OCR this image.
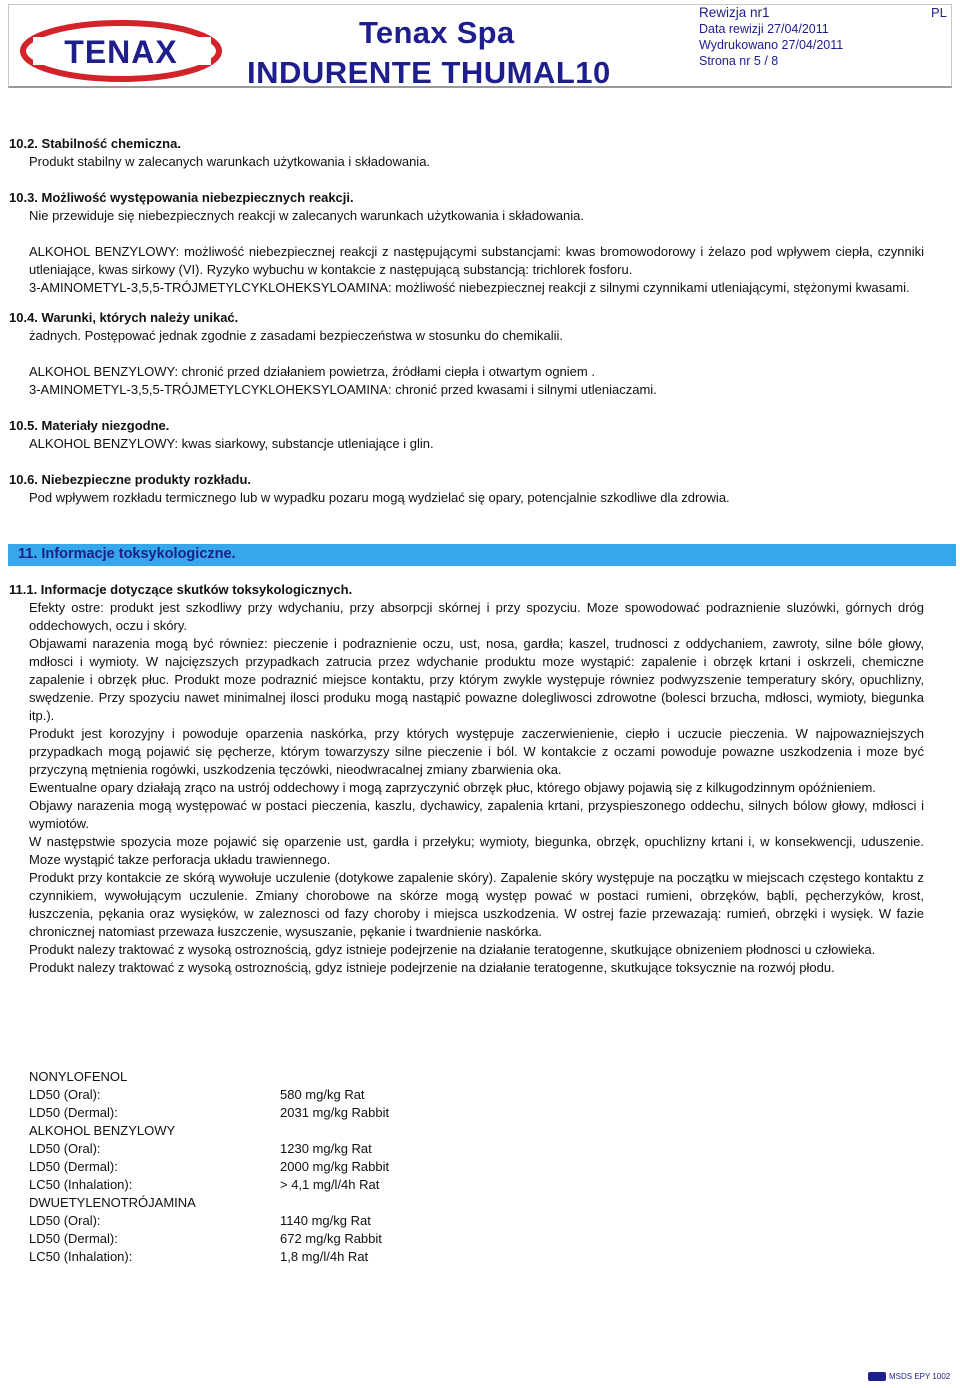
TENAX
Tenax Spa
INDURENTE THUMAL10
Rewizja nr1
Data rewizji 27/04/2011
Wydrukowano 27/04/2011
Strona nr 5 / 8
PL

10.2. Stabilność chemiczna.

Produkt stabilny w zalecanych warunkach użytkowania i składowania.

10.3. Możliwość występowania niebezpiecznych reakcji.

Nie przewiduje się niebezpiecznych reakcji w zalecanych warunkach użytkowania i składowania.

ALKOHOL BENZYLOWY: możliwość niebezpiecznej reakcji z następującymi substancjami: kwas bromowodorowy i żelazo pod wpływem ciepła, czynniki utleniające, kwas sirkowy (VI). Ryzyko wybuchu w kontakcie z następującą substancją: trichlorek fosforu.

3-AMINOMETYL-3,5,5-TRÓJMETYLCYKLOHEKSYLOAMINA: możliwość niebezpiecznej reakcji z silnymi czynnikami utleniającymi, stężonymi kwasami.

10.4. Warunki, których należy unikać.

żadnych. Postępować jednak zgodnie z zasadami bezpieczeństwa w stosunku do chemikalii.

ALKOHOL BENZYLOWY: chronić przed działaniem powietrza, źródłami ciepła i otwartym ogniem .

3-AMINOMETYL-3,5,5-TRÓJMETYLCYKLOHEKSYLOAMINA: chronić przed kwasami i silnymi utleniaczami.

10.5. Materiały niezgodne.

ALKOHOL BENZYLOWY: kwas siarkowy, substancje utleniające i glin.

10.6. Niebezpieczne produkty rozkładu.

Pod wpływem rozkładu termicznego lub w wypadku pozaru mogą wydzielać się opary, potencjalnie szkodliwe dla zdrowia.

11. Informacje toksykologiczne.

11.1. Informacje dotyczące skutków toksykologicznych.

Efekty ostre: produkt jest szkodliwy przy wdychaniu, przy absorpcji skórnej i przy spozyciu. Moze spowodować podraznienie sluzówki, górnych dróg oddechowych, oczu i skóry.

Objawami narazenia mogą być równiez: pieczenie i podraznienie oczu, ust, nosa, gardła; kaszel, trudnosci z oddychaniem, zawroty, silne bóle głowy, mdłosci i wymioty. W najcięzszych przypadkach zatrucia przez wdychanie produktu moze wystąpić: zapalenie i obrzęk krtani i oskrzeli, chemiczne zapalenie i obrzęk płuc. Produkt moze podraznić miejsce kontaktu, przy którym zwykle występuje równiez podwyzszenie temperatury skóry, opuchlizny, swędzenie. Przy spozyciu nawet minimalnej ilosci produku mogą nastąpić powazne dolegliwosci zdrowotne (bolesci brzucha, mdłosci, wymioty, biegunka itp.).

Produkt jest korozyjny i powoduje oparzenia naskórka, przy których występuje zaczerwienienie, ciepło i uczucie pieczenia. W najpowazniejszych przypadkach mogą pojawić się pęcherze, którym towarzyszy silne pieczenie i ból. W kontakcie z oczami powoduje powazne uszkodzenia i moze być przyczyną mętnienia rogówki, uszkodzenia tęczówki, nieodwracalnej zmiany zbarwienia oka.

Ewentualne opary działają zrąco na ustrój oddechowy i mogą zaprzyczynić obrzęk płuc, którego objawy pojawią się z kilkugodzinnym opóźnieniem.

Objawy narazenia mogą występować w postaci pieczenia, kaszlu, dychawicy, zapalenia krtani, przyspieszonego oddechu, silnych bólow głowy, mdłosci i wymiotów.

W następstwie spozycia moze pojawić się oparzenie ust, gardła i przełyku; wymioty, biegunka, obrzęk, opuchlizny krtani i, w konsekwencji, uduszenie. Moze wystąpić takze perforacja układu trawiennego.

Produkt przy kontakcie ze skórą wywołuje uczulenie (dotykowe zapalenie skóry). Zapalenie skóry występuje na początku w miejscach częstego kontaktu z czynnikiem, wywołującym uczulenie. Zmiany chorobowe na skórze mogą występ pować w postaci rumieni, obrzęków, bąbli, pęcherzyków, krost, łuszczenia, pękania oraz wysięków, w zaleznosci od fazy choroby i miejsca uszkodzenia. W ostrej fazie przewazają: rumień, obrzęki i wysięk. W fazie chronicznej natomiast przewaza łuszczenie, wysuszanie, pękanie i twardnienie naskórka.

Produkt nalezy traktować z wysoką ostroznością, gdyz istnieje podejrzenie na działanie teratogenne, skutkujące obnizeniem płodnosci u człowieka.

Produkt nalezy traktować z wysoką ostroznością, gdyz istnieje podejrzenie na działanie teratogenne, skutkujące toksycznie na rozwój płodu.

NONYLOFENOL
LD50 (Oral):	580 mg/kg Rat
LD50 (Dermal):	2031 mg/kg Rabbit
ALKOHOL BENZYLOWY
LD50 (Oral):	1230 mg/kg Rat
LD50 (Dermal):	2000 mg/kg Rabbit
LC50 (Inhalation):	> 4,1 mg/l/4h Rat
DWUETYLENOTRÓJAMINA
LD50 (Oral):	1140 mg/kg Rat
LD50 (Dermal):	672 mg/kg Rabbit
LC50 (Inhalation):	1,8 mg/l/4h Rat
MSDS EPY 1002
